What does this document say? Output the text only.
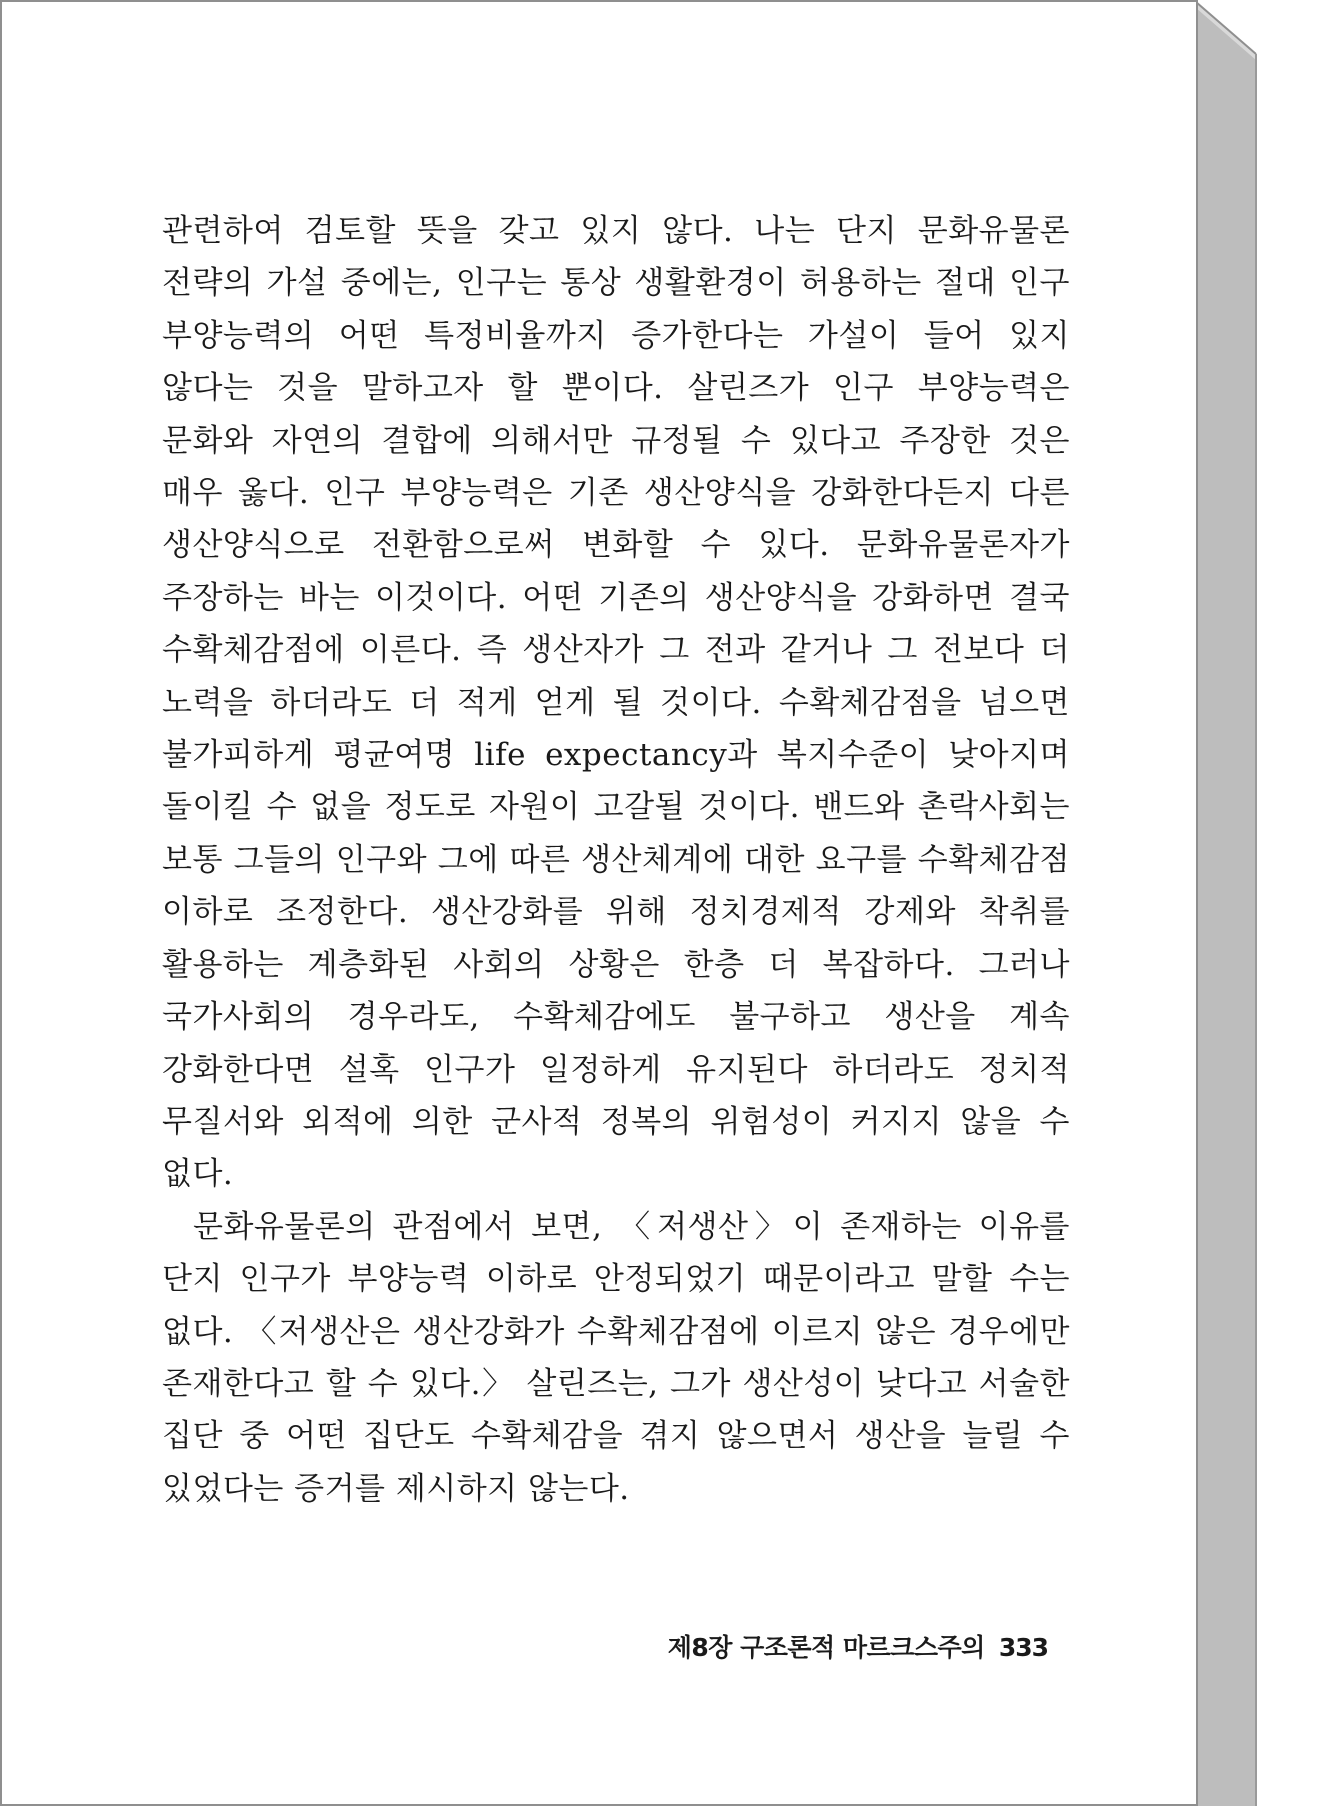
관련하여 검토할 뜻을 갖고 있지 않다. 나는 단지 문화유물론 전략의 가설 중에는, 인구는 통상 생활환경이 허용하는 절대 인구 부양능력의 어떤 특정비율까지 증가한다는 가설이 들어 있지 않다는 것을 말하고자 할 뿐이다. 살린즈가 인구 부양능력은 문화와 자연의 결합에 의해서만 규정될 수 있다고 주장한 것은 매우 옳다. 인구 부양능력은 기존 생산양식을 강화한다든지 다른 생산양식으로 전환함으로써 변화할 수 있다. 문화유물론자가 주장하는 바는 이것이다. 어떤 기존의 생산양식을 강화하면 결국 수확체감점에 이른다. 즉 생산자가 그 전과 같거나 그 전보다 더 노력을 하더라도 더 적게 얻게 될 것이다. 수확체감점을 넘으면 불가피하게 평균여명 life expectancy과 복지수준이 낮아지며 돌이킬 수 없을 정도로 자원이 고갈될 것이다. 밴드와 촌락사회는 보통 그들의 인구와 그에 따른 생산체계에 대한 요구를 수확체감점 이하로 조정한다. 생산강화를 위해 정치경제적 강제와 착취를 활용하는 계층화된 사회의 상황은 한층 더 복잡하다. 그러나 국가사회의 경우라도, 수확체감에도 불구하고 생산을 계속 강화한다면 설혹 인구가 일정하게 유지된다 하더라도 정치적 무질서와 외적에 의한 군사적 정복의 위험성이 커지지 않을 수 없다.

문화유물론의 관점에서 보면, 〈저생산〉이 존재하는 이유를 단지 인구가 부양능력 이하로 안정되었기 때문이라고 말할 수는 없다. 〈저생산은 생산강화가 수확체감점에 이르지 않은 경우에만 존재한다고 할 수 있다.〉 살린즈는, 그가 생산성이 낮다고 서술한 집단 중 어떤 집단도 수확체감을 겪지 않으면서 생산을 늘릴 수 있었다는 증거를 제시하지 않는다.

제8장 구조론적 마르크스주의 333
